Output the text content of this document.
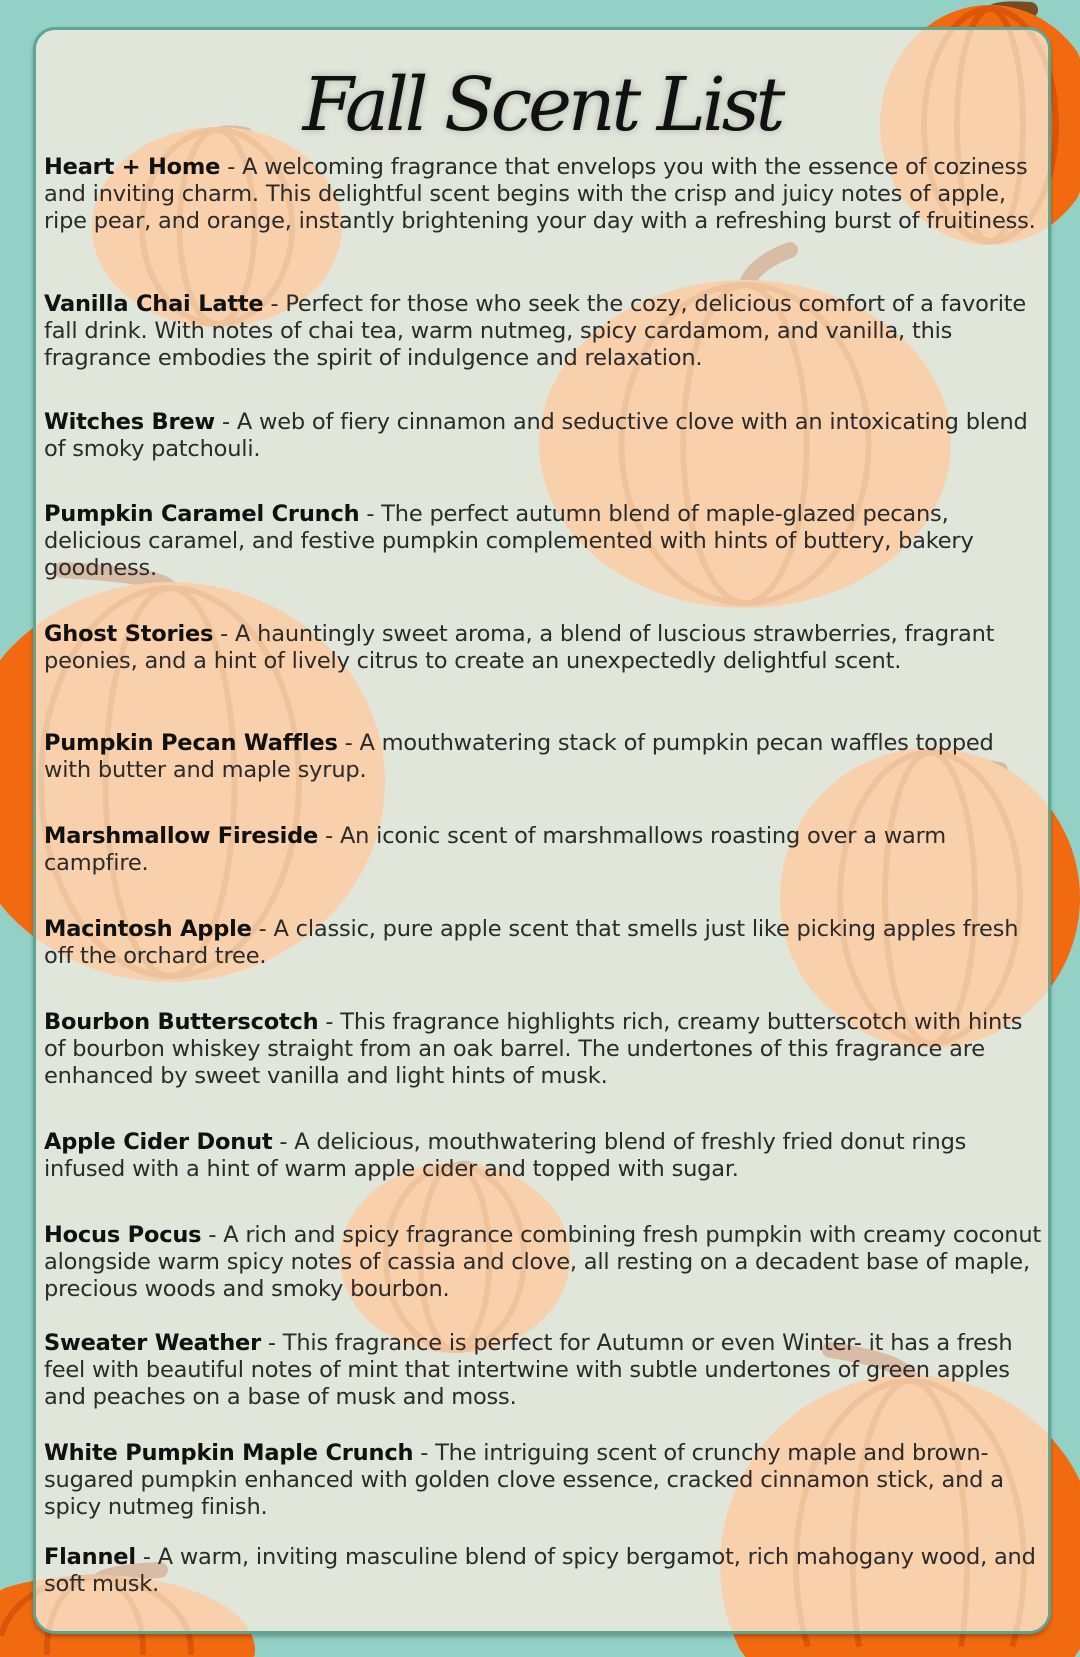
Fall Scent List
Heart + Home - A welcoming fragrance that envelops you with the essence of coziness and inviting charm. This delightful scent begins with the crisp and juicy notes of apple, ripe pear, and orange, instantly brightening your day with a refreshing burst of fruitiness.
Vanilla Chai Latte - Perfect for those who seek the cozy, delicious comfort of a favorite fall drink. With notes of chai tea, warm nutmeg, spicy cardamom, and vanilla, this fragrance embodies the spirit of indulgence and relaxation.
Witches Brew - A web of fiery cinnamon and seductive clove with an intoxicating blend of smoky patchouli.
Pumpkin Caramel Crunch - The perfect autumn blend of maple-glazed pecans, delicious caramel, and festive pumpkin complemented with hints of buttery, bakery goodness.
Ghost Stories - A hauntingly sweet aroma, a blend of luscious strawberries, fragrant peonies, and a hint of lively citrus to create an unexpectedly delightful scent.
Pumpkin Pecan Waffles - A mouthwatering stack of pumpkin pecan waffles topped with butter and maple syrup.
Marshmallow Fireside - An iconic scent of marshmallows roasting over a warm campfire.
Macintosh Apple - A classic, pure apple scent that smells just like picking apples fresh off the orchard tree.
Bourbon Butterscotch - This fragrance highlights rich, creamy butterscotch with hints of bourbon whiskey straight from an oak barrel. The undertones of this fragrance are enhanced by sweet vanilla and light hints of musk.
Apple Cider Donut - A delicious, mouthwatering blend of freshly fried donut rings infused with a hint of warm apple cider and topped with sugar.
Hocus Pocus - A rich and spicy fragrance combining fresh pumpkin with creamy coconut alongside warm spicy notes of cassia and clove, all resting on a decadent base of maple, precious woods and smoky bourbon.
Sweater Weather - This fragrance is perfect for Autumn or even Winter- it has a fresh feel with beautiful notes of mint that intertwine with subtle undertones of green apples and peaches on a base of musk and moss.
White Pumpkin Maple Crunch - The intriguing scent of crunchy maple and brown-sugared pumpkin enhanced with golden clove essence, cracked cinnamon stick, and a spicy nutmeg finish.
Flannel - A warm, inviting masculine blend of spicy bergamot, rich mahogany wood, and soft musk.
